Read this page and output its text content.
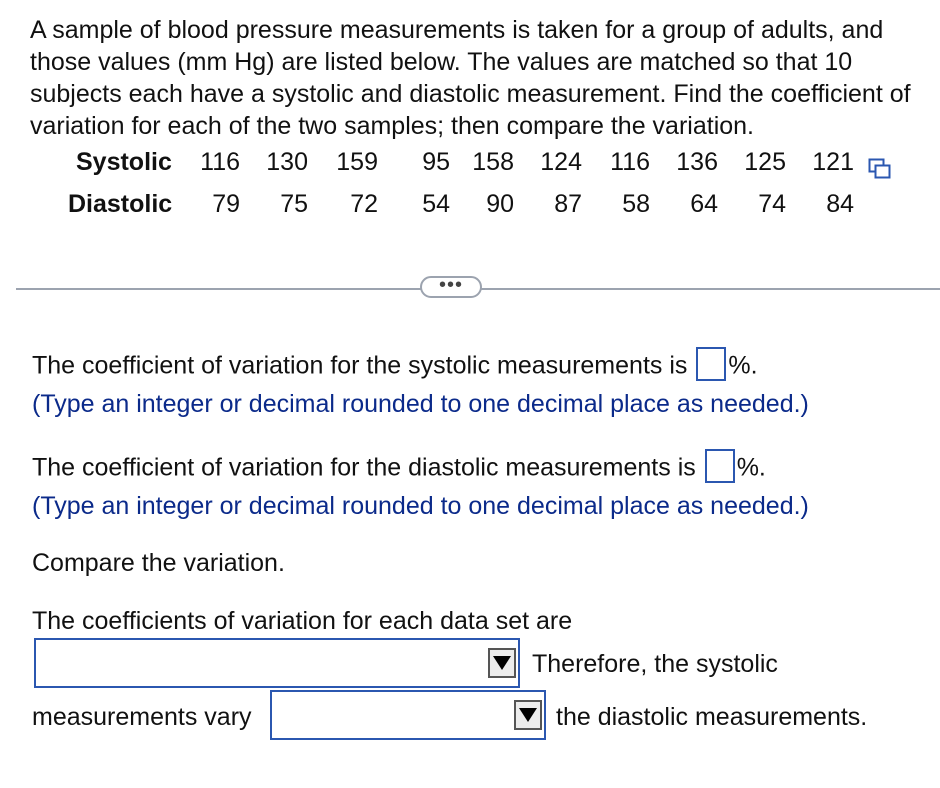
A sample of blood pressure measurements is taken for a group of adults, and those values (mm Hg) are listed below. The values are matched so that 10 subjects each have a systolic and diastolic measurement. Find the coefficient of variation for each of the two samples; then compare the variation.
Systolic 116 130 159	95 158 124 116 136 125 121
Diastolic	79	75	72	54	90	87	58	64	74	84
•••
The coefficient of variation for the systolic measurements is %.
(Type an integer or decimal rounded to one decimal place as needed.)
The coefficient of variation for the diastolic measurements is %.
(Type an integer or decimal rounded to one decimal place as needed.)
Compare the variation.
The coefficients of variation for each data set are
Therefore, the systolic
measurements vary	the diastolic measurements.
